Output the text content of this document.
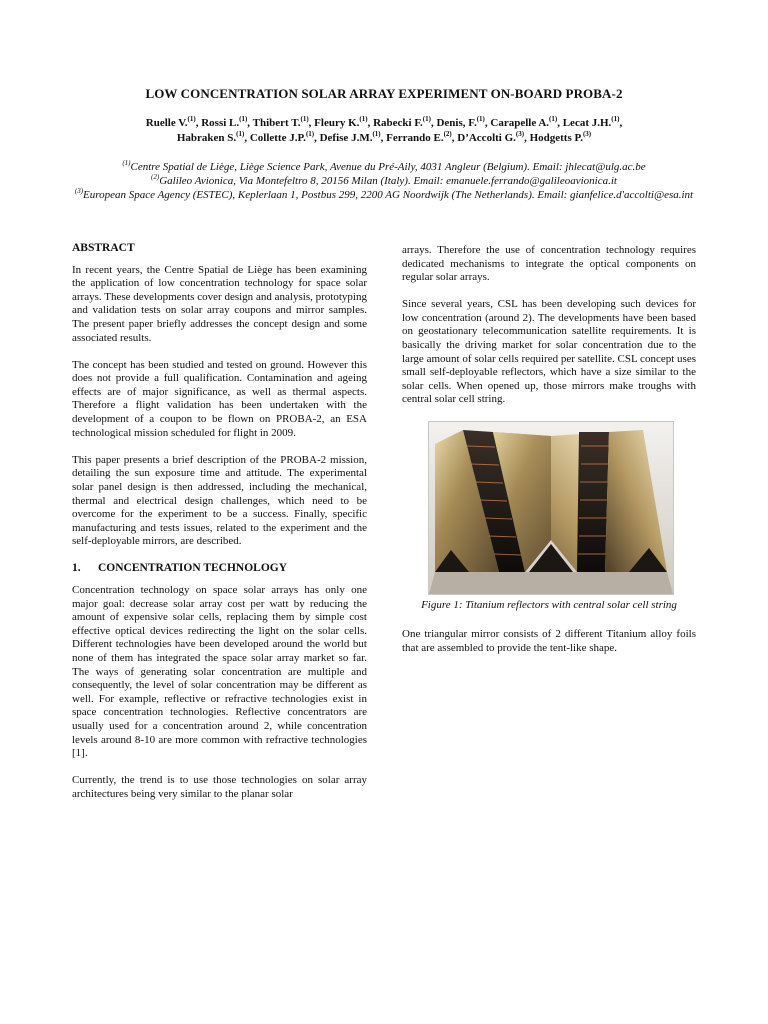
LOW CONCENTRATION SOLAR ARRAY EXPERIMENT ON-BOARD PROBA-2
Ruelle V.$^{(1)}$, Rossi L.$^{(1)}$, Thibert T.$^{(1)}$, Fleury K.$^{(1)}$, Rabecki F.$^{(1)}$, Denis, F.$^{(1)}$, Carapelle A.$^{(1)}$, Lecat J.H.$^{(1)}$,
Habraken S.$^{(1)}$, Collette J.P.$^{(1)}$, Defise J.M.$^{(1)}$, Ferrando E.$^{(2)}$, D’Accolti G.$^{(3)}$, Hodgetts P.$^{(3)}$
$^{(1)}$Centre Spatial de Liège, Liège Science Park, Avenue du Pré-Aily, 4031 Angleur (Belgium). Email: jhlecat@ulg.ac.be
$^{(2)}$Galileo Avionica, Via Montefeltro 8, 20156 Milan (Italy). Email: emanuele.ferrando@galileoavionica.it
$^{(3)}$European Space Agency (ESTEC), Keplerlaan 1, Postbus 299, 2200 AG Noordwijk (The Netherlands). Email: gianfelice.d'accolti@esa.int
ABSTRACT

In recent years, the Centre Spatial de Liège has been examining the application of low concentration technology for space solar arrays. These developments cover design and analysis, prototyping and validation tests on solar array coupons and mirror samples. The present paper briefly addresses the concept design and some associated results.

The concept has been studied and tested on ground. However this does not provide a full qualification. Contamination and ageing effects are of major significance, as well as thermal aspects. Therefore a flight validation has been undertaken with the development of a coupon to be flown on PROBA-2, an ESA technological mission scheduled for flight in 2009.

This paper presents a brief description of the PROBA-2 mission, detailing the sun exposure time and attitude. The experimental solar panel design is then addressed, including the mechanical, thermal and electrical design challenges, which need to be overcome for the experiment to be a success. Finally, specific manufacturing and tests issues, related to the experiment and the self-deployable mirrors, are described.

1. CONCENTRATION TECHNOLOGY

Concentration technology on space solar arrays has only one major goal: decrease solar array cost per watt by reducing the amount of expensive solar cells, replacing them by simple cost effective optical devices redirecting the light on the solar cells. Different technologies have been developed around the world but none of them has integrated the space solar array market so far. The ways of generating solar concentration are multiple and consequently, the level of solar concentration may be different as well. For example, reflective or refractive technologies exist in space concentration technologies. Reflective concentrators are usually used for a concentration around 2, while concentration levels around 8-10 are more common with refractive technologies [1].

Currently, the trend is to use those technologies on solar array architectures being very similar to the planar solar

arrays. Therefore the use of concentration technology requires dedicated mechanisms to integrate the optical components on regular solar arrays.

Since several years, CSL has been developing such devices for low concentration (around 2). The developments have been based on geostationary telecommunication satellite requirements. It is basically the driving market for solar concentration due to the large amount of solar cells required per satellite. CSL concept uses small self-deployable reflectors, which have a size similar to the solar cells. When opened up, those mirrors make troughs with central solar cell string.

Figure 1: Titanium reflectors with central solar cell string

One triangular mirror consists of 2 different Titanium alloy foils that are assembled to provide the tent-like shape.
